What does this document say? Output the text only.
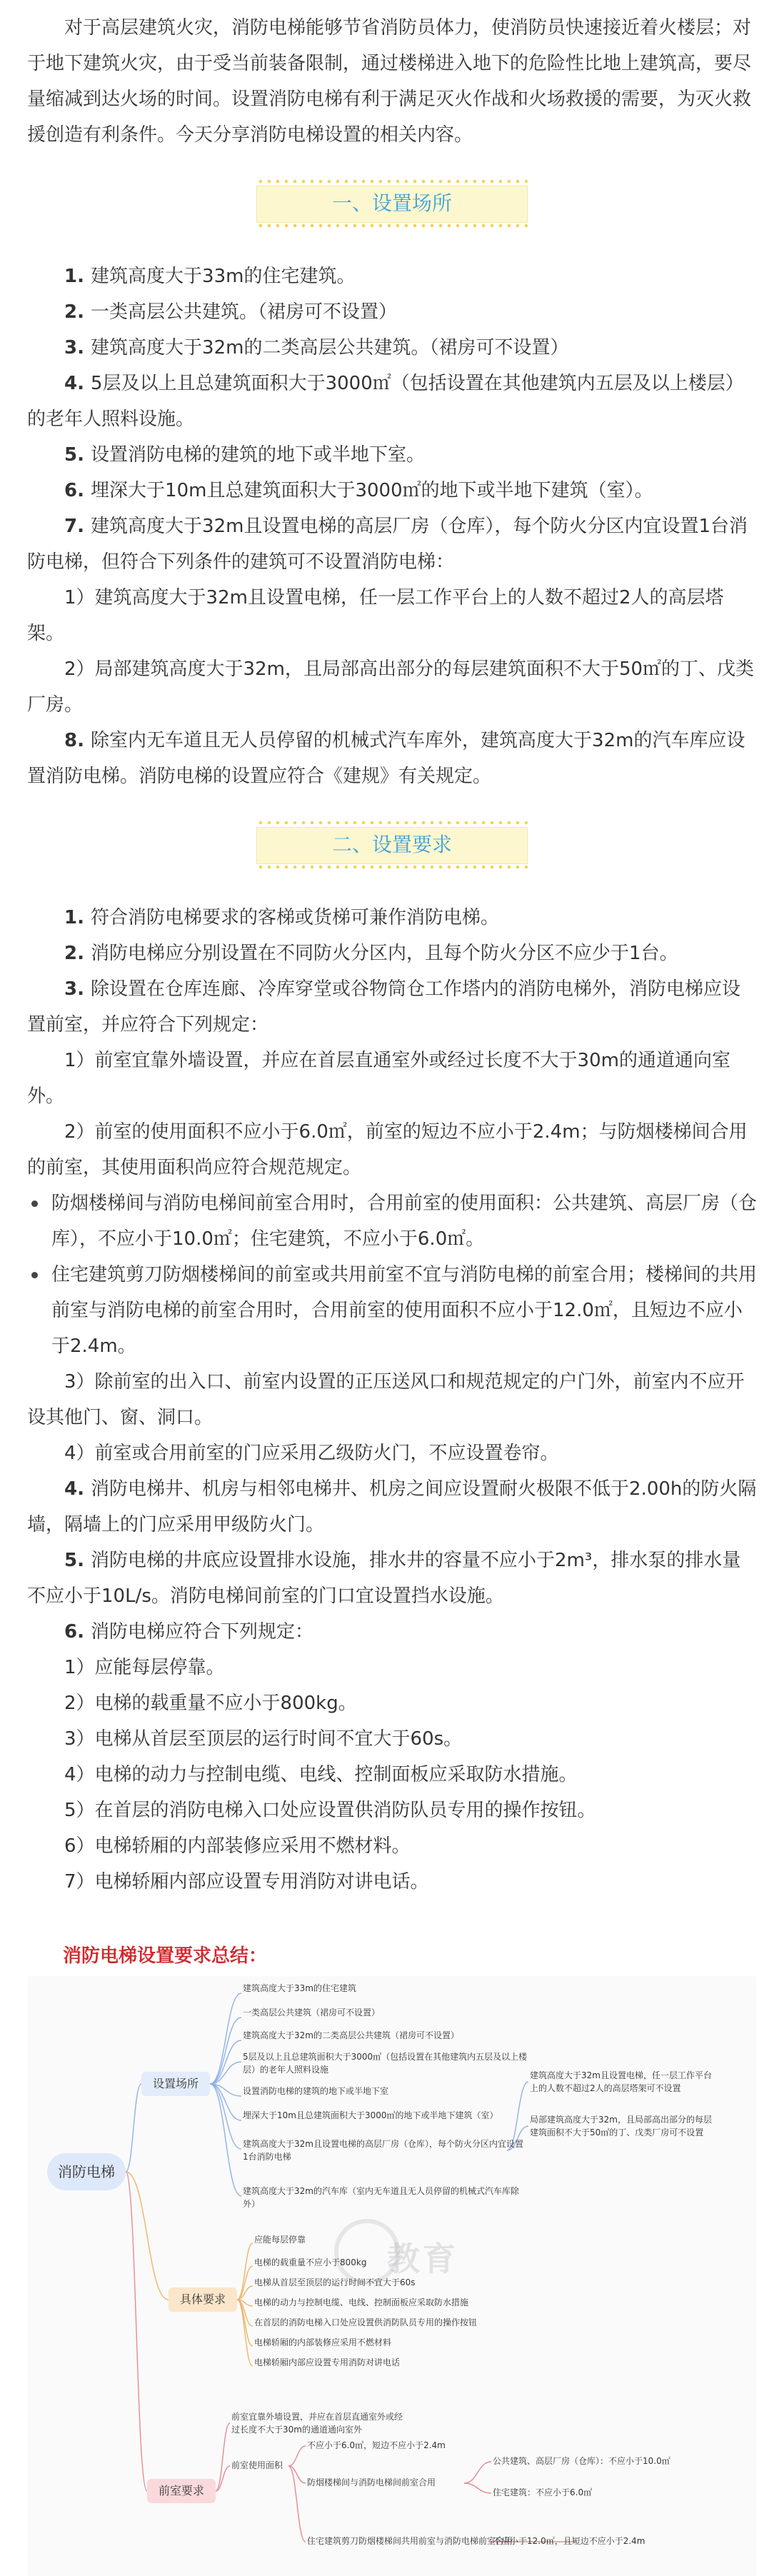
对于高层建筑火灾，消防电梯能够节省消防员体力，使消防员快速接近着火楼层；对于地下建筑火灾，由于受当前装备限制，通过楼梯进入地下的危险性比地上建筑高，要尽量缩减到达火场的时间。设置消防电梯有利于满足灭火作战和火场救援的需要，为灭火救援创造有利条件。今天分享消防电梯设置的相关内容。
一、设置场所
1. 建筑高度大于33m的住宅建筑。
2. 一类高层公共建筑。（裙房可不设置）
3. 建筑高度大于32m的二类高层公共建筑。（裙房可不设置）
4. 5层及以上且总建筑面积大于3000㎡（包括设置在其他建筑内五层及以上楼层）的老年人照料设施。
5. 设置消防电梯的建筑的地下或半地下室。
6. 埋深大于10m且总建筑面积大于3000㎡的地下或半地下建筑（室）。
7. 建筑高度大于32m且设置电梯的高层厂房（仓库），每个防火分区内宜设置1台消防电梯，但符合下列条件的建筑可不设置消防电梯：
1）建筑高度大于32m且设置电梯，任一层工作平台上的人数不超过2人的高层塔架。
2）局部建筑高度大于32m，且局部高出部分的每层建筑面积不大于50㎡的丁、戊类厂房。
8. 除室内无车道且无人员停留的机械式汽车库外，建筑高度大于32m的汽车库应设置消防电梯。消防电梯的设置应符合《建规》有关规定。
二、设置要求
1. 符合消防电梯要求的客梯或货梯可兼作消防电梯。
2. 消防电梯应分别设置在不同防火分区内，且每个防火分区不应少于1台。
3. 除设置在仓库连廊、冷库穿堂或谷物筒仓工作塔内的消防电梯外，消防电梯应设置前室，并应符合下列规定：
1）前室宜靠外墙设置，并应在首层直通室外或经过长度不大于30m的通道通向室外。
2）前室的使用面积不应小于6.0㎡，前室的短边不应小于2.4m；与防烟楼梯间合用的前室，其使用面积尚应符合规范规定。
防烟楼梯间与消防电梯间前室合用时，合用前室的使用面积：公共建筑、高层厂房（仓库），不应小于10.0㎡；住宅建筑，不应小于6.0㎡。
住宅建筑剪刀防烟楼梯间的前室或共用前室不宜与消防电梯的前室合用；楼梯间的共用前室与消防电梯的前室合用时，合用前室的使用面积不应小于12.0㎡，且短边不应小于2.4m。
3）除前室的出入口、前室内设置的正压送风口和规范规定的户门外，前室内不应开设其他门、窗、洞口。
4）前室或合用前室的门应采用乙级防火门，不应设置卷帘。
4. 消防电梯井、机房与相邻电梯井、机房之间应设置耐火极限不低于2.00h的防火隔墙，隔墙上的门应采用甲级防火门。
5. 消防电梯的井底应设置排水设施，排水井的容量不应小于2m³，排水泵的排水量不应小于10L/s。消防电梯间前室的门口宜设置挡水设施。
6. 消防电梯应符合下列规定：
1）应能每层停靠。
2）电梯的载重量不应小于800kg。
3）电梯从首层至顶层的运行时间不宜大于60s。
4）电梯的动力与控制电缆、电线、控制面板应采取防水措施。
5）在首层的消防电梯入口处应设置供消防队员专用的操作按钮。
6）电梯轿厢的内部装修应采用不燃材料。
7）电梯轿厢内部应设置专用消防对讲电话。
消防电梯设置要求总结：
教育
消防电梯
设置场所
具体要求
前室要求
建筑高度大于33m的住宅建筑
一类高层公共建筑（裙房可不设置）
建筑高度大于32m的二类高层公共建筑（裙房可不设置）
5层及以上且总建筑面积大于3000㎡（包括设置在其他建筑内五层及以上楼
层）的老年人照料设施
设置消防电梯的建筑的地下或半地下室
埋深大于10m且总建筑面积大于3000㎡的地下或半地下建筑（室）
建筑高度大于32m且设置电梯的高层厂房（仓库），每个防火分区内宜设置
1台消防电梯
建筑高度大于32m的汽车库（室内无车道且无人员停留的机械式汽车库除
外）
建筑高度大于32m且设置电梯，任一层工作平台
上的人数不超过2人的高层塔架可不设置
局部建筑高度大于32m，且局部高出部分的每层
建筑面积不大于50㎡的丁、戊类厂房可不设置
应能每层停靠
电梯的载重量不应小于800kg
电梯从首层至顶层的运行时间不宜大于60s
电梯的动力与控制电缆、电线、控制面板应采取防水措施
在首层的消防电梯入口处应设置供消防队员专用的操作按钮
电梯轿厢的内部装修应采用不燃材料
电梯轿厢内部应设置专用消防对讲电话
前室宜靠外墙设置，并应在首层直通室外或经
过长度不大于30m的通道通向室外
前室使用面积
不应小于6.0㎡，短边不应小于2.4m
防烟楼梯间与消防电梯间前室合用
住宅建筑剪刀防烟楼梯间共用前室与消防电梯前室合用
公共建筑、高层厂房（仓库）：不应小于10.0㎡
住宅建筑：不应小于6.0㎡
不应小于12.0㎡，且短边不应小于2.4m
